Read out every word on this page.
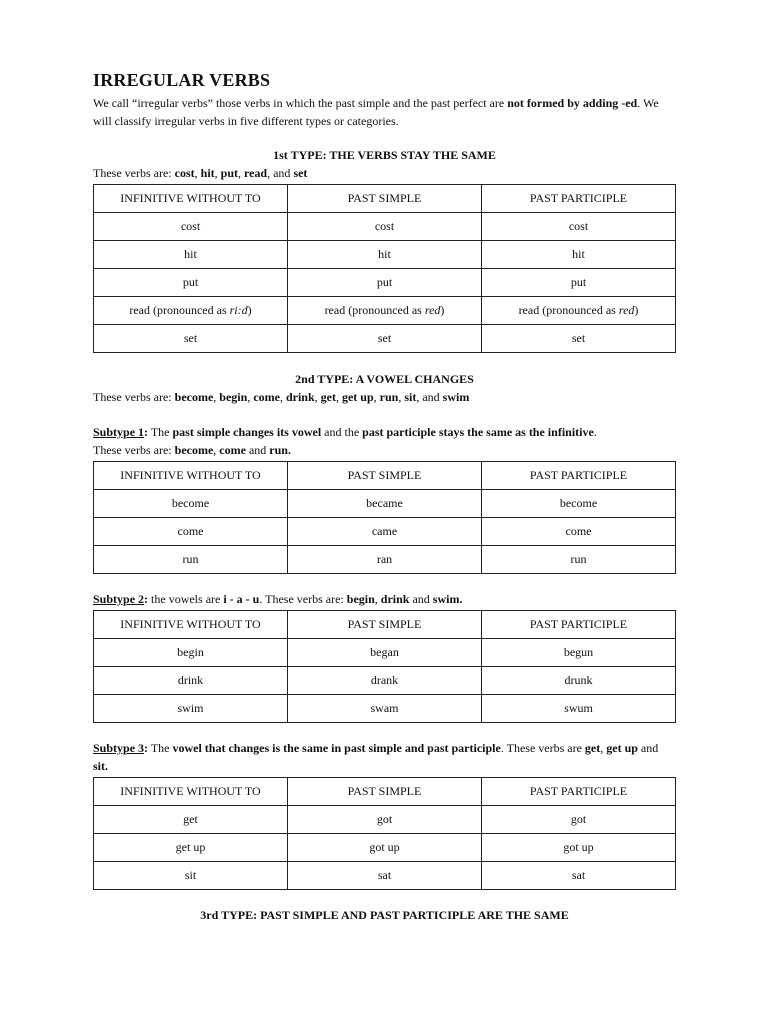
IRREGULAR VERBS

We call “irregular verbs” those verbs in which the past simple and the past perfect are not formed by adding -ed. We will classify irregular verbs in five different types or categories.

1st TYPE: THE VERBS STAY THE SAME

These verbs are: cost, hit, put, read, and set

INFINITIVE WITHOUT TO	PAST SIMPLE	PAST PARTICIPLE
cost	cost	cost
hit	hit	hit
put	put	put
read (pronounced as ri:d)	read (pronounced as red)	read (pronounced as red)
set	set	set
2nd TYPE: A VOWEL CHANGES

These verbs are: become, begin, come, drink, get, get up, run, sit, and swim

Subtype 1: The past simple changes its vowel and the past participle stays the same as the infinitive.
These verbs are: become, come and run.

INFINITIVE WITHOUT TO	PAST SIMPLE	PAST PARTICIPLE
become	became	become
come	came	come
run	ran	run

Subtype 2: the vowels are i - a - u. These verbs are: begin, drink and swim.

INFINITIVE WITHOUT TO	PAST SIMPLE	PAST PARTICIPLE
begin	began	begun
drink	drank	drunk
swim	swam	swum

Subtype 3: The vowel that changes is the same in past simple and past participle. These verbs are get, get up and sit.

INFINITIVE WITHOUT TO	PAST SIMPLE	PAST PARTICIPLE
get	got	got
get up	got up	got up
sit	sat	sat
3rd TYPE: PAST SIMPLE AND PAST PARTICIPLE ARE THE SAME
